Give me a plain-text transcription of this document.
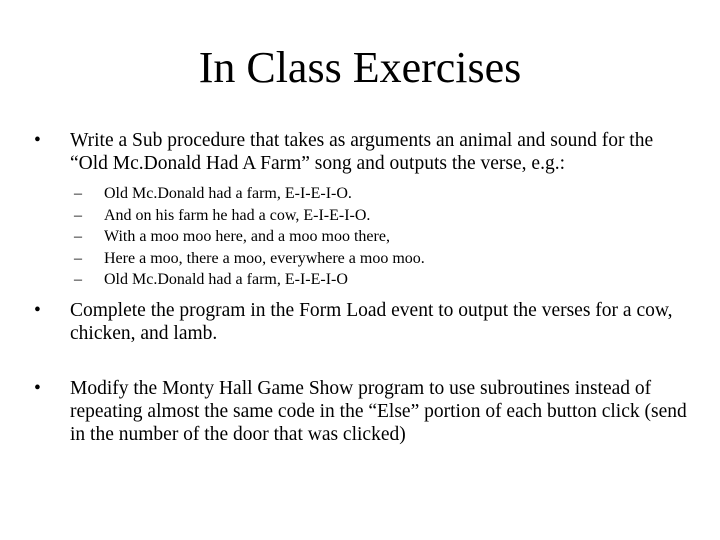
In Class Exercises
•	Write a Sub procedure that takes as arguments an animal and sound for the “Old Mc.Donald Had A Farm” song and outputs the verse, e.g.:
– Old Mc.Donald had a farm, E-I-E-I-O.
– And on his farm he had a cow, E-I-E-I-O.
– With a moo moo here, and a moo moo there,
– Here a moo, there a moo, everywhere a moo moo.
– Old Mc.Donald had a farm, E-I-E-I-O
•	Complete the program in the Form Load event to output the verses for a cow, chicken, and lamb.
•	Modify the Monty Hall Game Show program to use subroutines instead of repeating almost the same code in the “Else” portion of each button click (send in the number of the door that was clicked)
